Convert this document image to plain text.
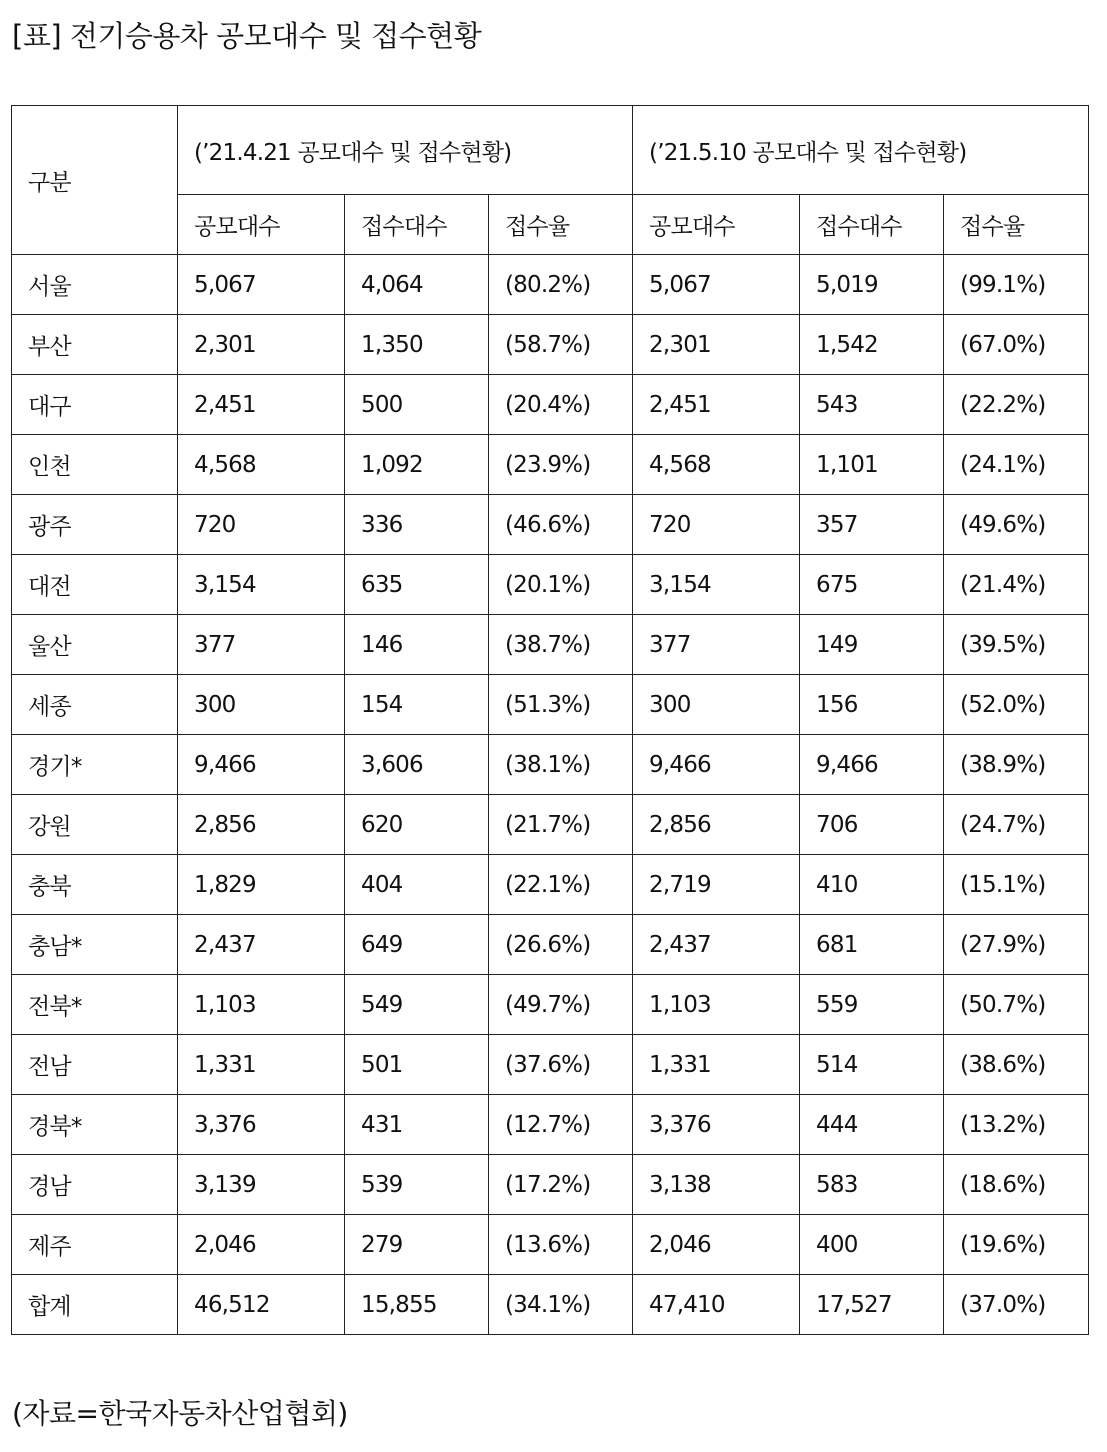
[표] 전기승용차 공모대수 및 접수현황
구분	(’21.4.21 공모대수 및 접수현황)			(’21.5.10 공모대수 및 접수현황)		
	공모대수	접수대수	접수율	공모대수	접수대수	접수율
서울	5,067	4,064	(80.2%)	5,067	5,019	(99.1%)
부산	2,301	1,350	(58.7%)	2,301	1,542	(67.0%)
대구	2,451	500	(20.4%)	2,451	543	(22.2%)
인천	4,568	1,092	(23.9%)	4,568	1,101	(24.1%)
광주	720	336	(46.6%)	720	357	(49.6%)
대전	3,154	635	(20.1%)	3,154	675	(21.4%)
울산	377	146	(38.7%)	377	149	(39.5%)
세종	300	154	(51.3%)	300	156	(52.0%)
경기*	9,466	3,606	(38.1%)	9,466	9,466	(38.9%)
강원	2,856	620	(21.7%)	2,856	706	(24.7%)
충북	1,829	404	(22.1%)	2,719	410	(15.1%)
충남*	2,437	649	(26.6%)	2,437	681	(27.9%)
전북*	1,103	549	(49.7%)	1,103	559	(50.7%)
전남	1,331	501	(37.6%)	1,331	514	(38.6%)
경북*	3,376	431	(12.7%)	3,376	444	(13.2%)
경남	3,139	539	(17.2%)	3,138	583	(18.6%)
제주	2,046	279	(13.6%)	2,046	400	(19.6%)
합계	46,512	15,855	(34.1%)	47,410	17,527	(37.0%)
(자료=한국자동차산업협회)
